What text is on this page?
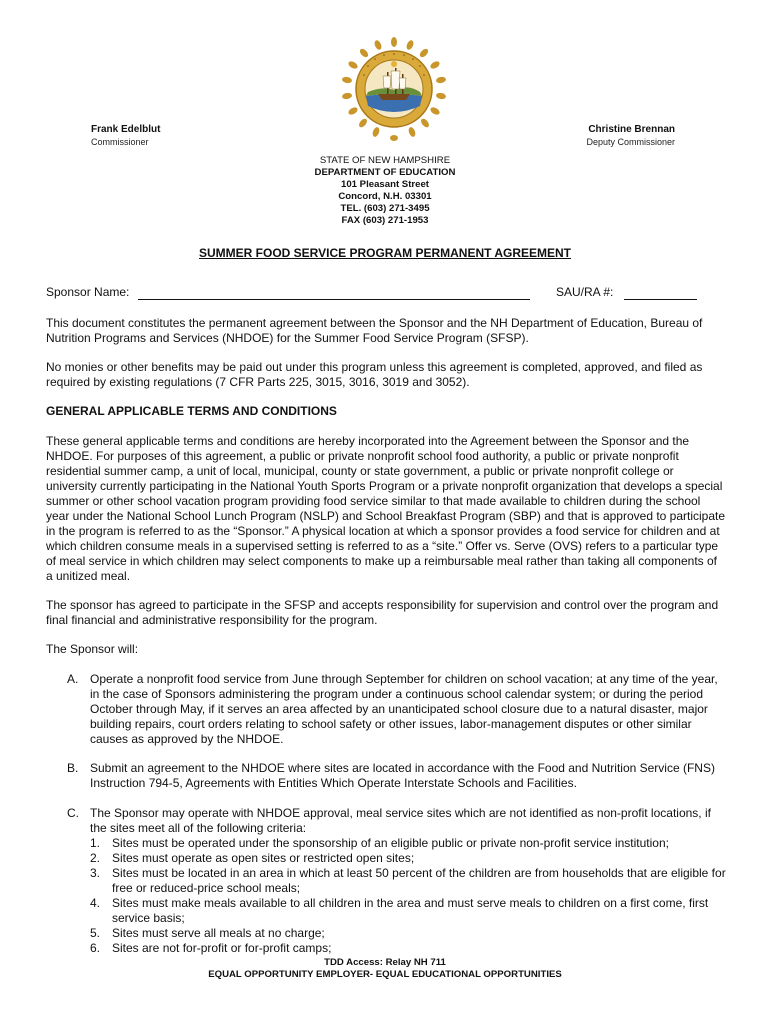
Frank Edelblut
Commissioner
Christine Brennan
Deputy Commissioner
STATE OF NEW HAMPSHIRE
DEPARTMENT OF EDUCATION
101 Pleasant Street
Concord, N.H. 03301
TEL. (603) 271-3495
FAX (603) 271-1953
SUMMER FOOD SERVICE PROGRAM PERMANENT AGREEMENT
Sponsor Name:	SAU/RA #:

This document constitutes the permanent agreement between the Sponsor and the NH Department of Education, Bureau of Nutrition Programs and Services (NHDOE) for the Summer Food Service Program (SFSP).

No monies or other benefits may be paid out under this program unless this agreement is completed, approved, and filed as required by existing regulations (7 CFR Parts 225, 3015, 3016, 3019 and 3052).

GENERAL APPLICABLE TERMS AND CONDITIONS

These general applicable terms and conditions are hereby incorporated into the Agreement between the Sponsor and the NHDOE. For purposes of this agreement, a public or private nonprofit school food authority, a public or private nonprofit residential summer camp, a unit of local, municipal, county or state government, a public or private nonprofit college or university currently participating in the National Youth Sports Program or a private nonprofit organization that develops a special summer or other school vacation program providing food service similar to that made available to children during the school year under the National School Lunch Program (NSLP) and School Breakfast Program (SBP) and that is approved to participate in the program is referred to as the “Sponsor.” A physical location at which a sponsor provides a food service for children and at which children consume meals in a supervised setting is referred to as a “site.” Offer vs. Serve (OVS) refers to a particular type of meal service in which children may select components to make up a reimbursable meal rather than taking all components of a unitized meal.

The sponsor has agreed to participate in the SFSP and accepts responsibility for supervision and control over the program and final financial and administrative responsibility for the program.

The Sponsor will:

A. Operate a nonprofit food service from June through September for children on school vacation; at any time of the year, in the case of Sponsors administering the program under a continuous school calendar system; or during the period October through May, if it serves an area affected by an unanticipated school closure due to a natural disaster, major building repairs, court orders relating to school safety or other issues, labor-management disputes or other similar causes as approved by the NHDOE.
B. Submit an agreement to the NHDOE where sites are located in accordance with the Food and Nutrition Service (FNS) Instruction 794-5, Agreements with Entities Which Operate Interstate Schools and Facilities.
C. The Sponsor may operate with NHDOE approval, meal service sites which are not identified as non-profit locations, if the sites meet all of the following criteria:
1. Sites must be operated under the sponsorship of an eligible public or private non-profit service institution;
2. Sites must operate as open sites or restricted open sites;
3. Sites must be located in an area in which at least 50 percent of the children are from households that are eligible for free or reduced-price school meals;
4. Sites must make meals available to all children in the area and must serve meals to children on a first come, first service basis;
5. Sites must serve all meals at no charge;
6. Sites are not for-profit or for-profit camps;
TDD Access: Relay NH 711
EQUAL OPPORTUNITY EMPLOYER- EQUAL EDUCATIONAL OPPORTUNITIES
